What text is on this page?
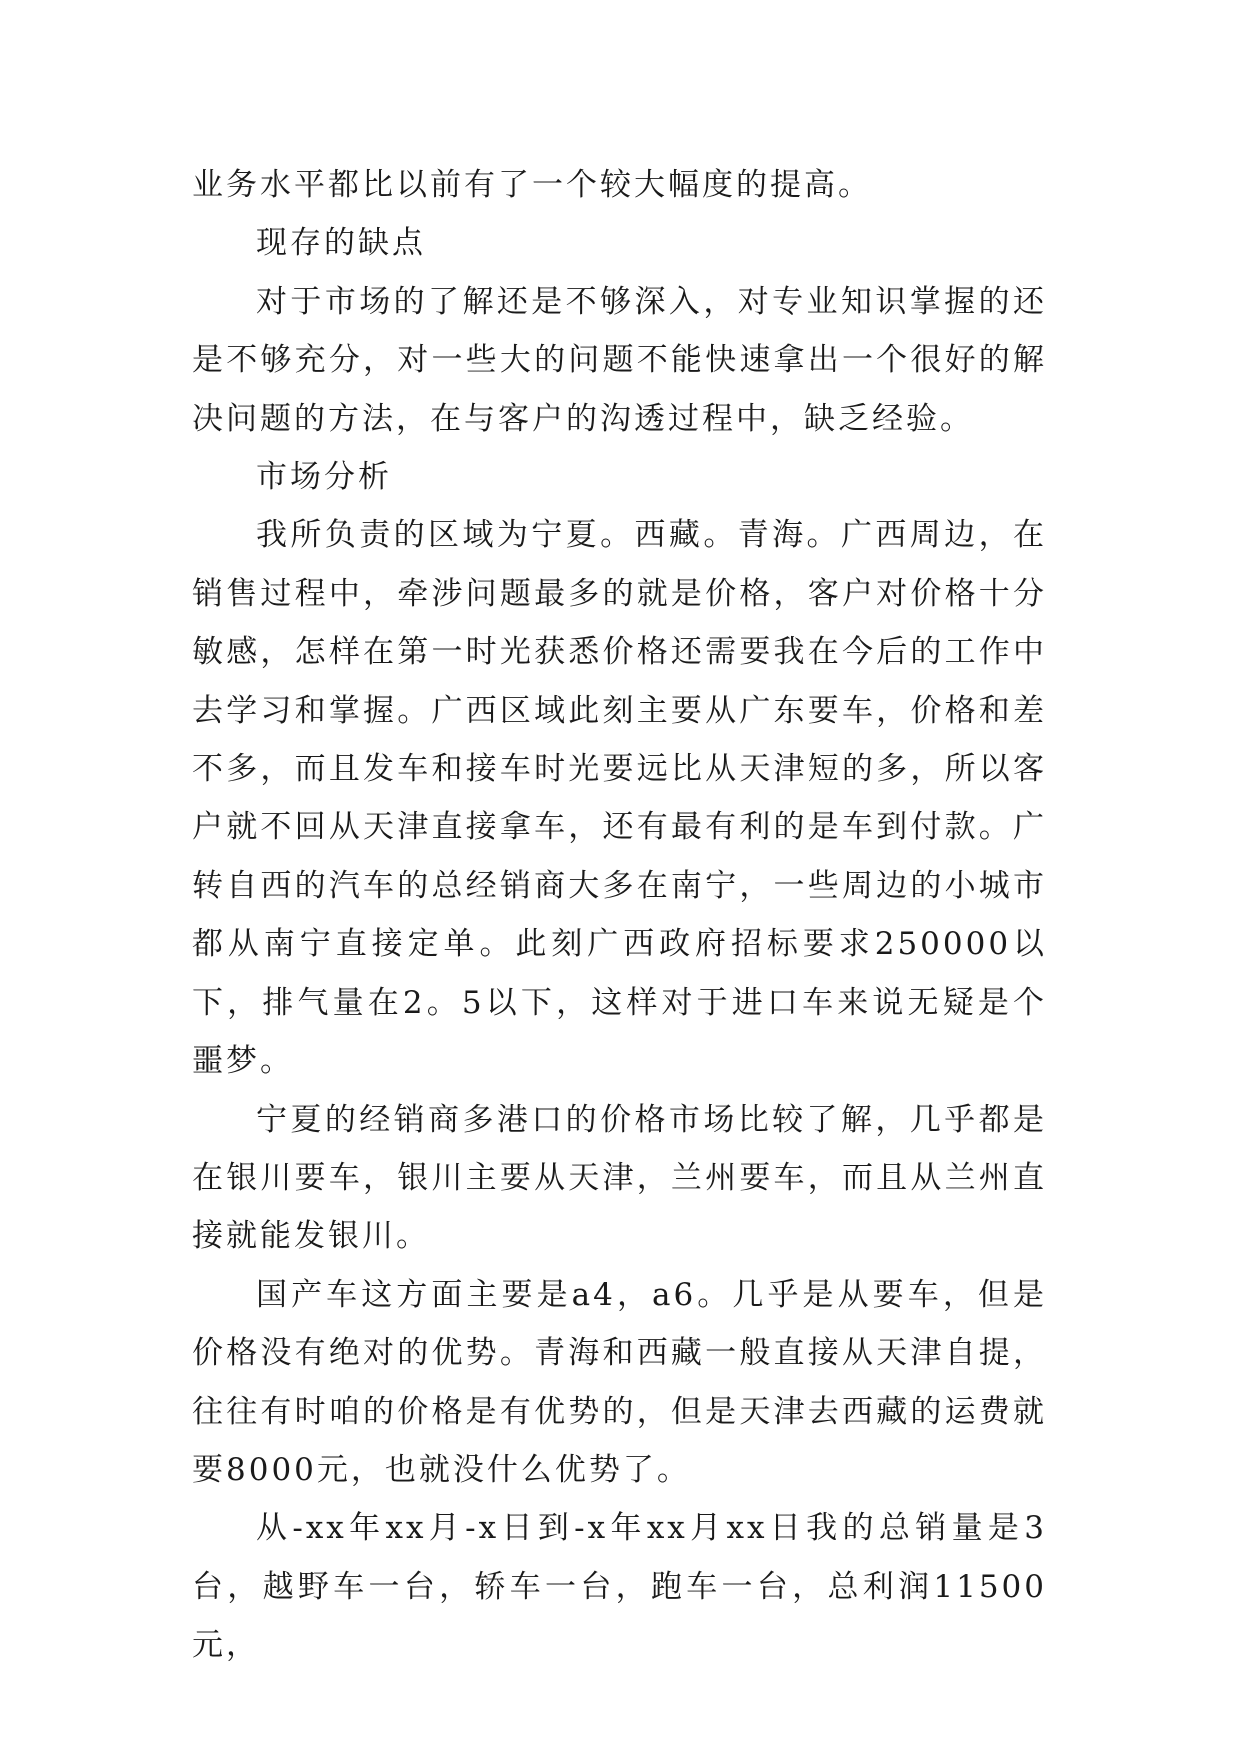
业务水平都比以前有了一个较大幅度的提高。

现存的缺点

对于市场的了解还是不够深入，对专业知识掌握的还是不够充分，对一些大的问题不能快速拿出一个很好的解决问题的方法，在与客户的沟透过程中，缺乏经验。

市场分析

我所负责的区域为宁夏。西藏。青海。广西周边，在销售过程中，牵涉问题最多的就是价格，客户对价格十分敏感，怎样在第一时光获悉价格还需要我在今后的工作中去学习和掌握。广西区域此刻主要从广东要车，价格和差不多，而且发车和接车时光要远比从天津短的多，所以客户就不回从天津直接拿车，还有最有利的是车到付款。广转自西的汽车的总经销商大多在南宁，一些周边的小城市都从南宁直接定单。此刻广西政府招标要求250000以下，排气量在2。5以下，这样对于进口车来说无疑是个噩梦。

宁夏的经销商多港口的价格市场比较了解，几乎都是在银川要车，银川主要从天津，兰州要车，而且从兰州直接就能发银川。

国产车这方面主要是a4，a6。几乎是从要车，但是价格没有绝对的优势。青海和西藏一般直接从天津自提，往往有时咱的价格是有优势的，但是天津去西藏的运费就要8000元，也就没什么优势了。

从-xx年xx月-x日到-x年xx月xx日我的总销量是3台，越野车一台，轿车一台，跑车一台，总利润11500元，
